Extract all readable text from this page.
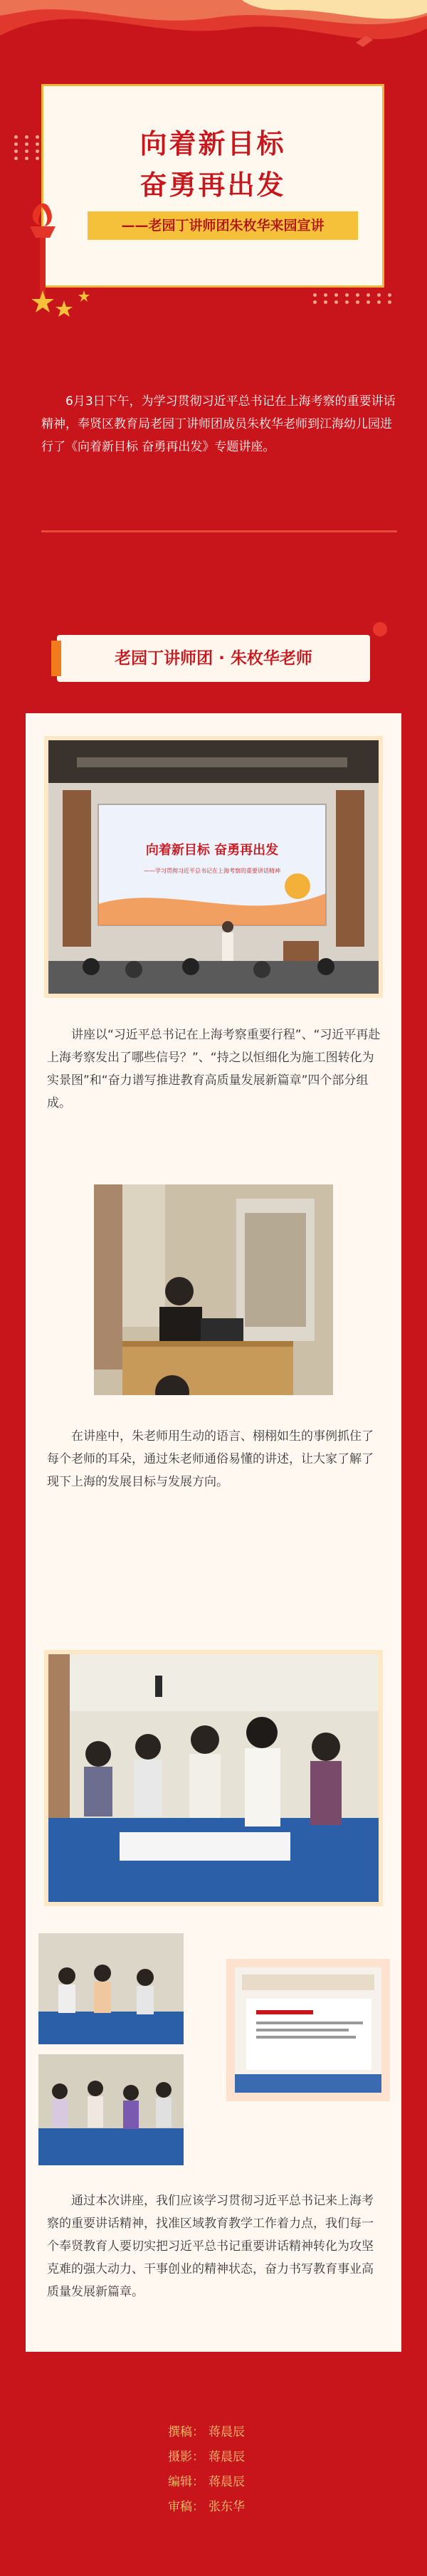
向着新目标
奋勇再出发
——老园丁讲师团朱枚华来园宣讲
6月3日下午，为学习贯彻习近平总书记在上海考察的重要讲话精神，奉贤区教育局老园丁讲师团成员朱枚华老师到江海幼儿园进行了《向着新目标 奋勇再出发》专题讲座。
老园丁讲师团 · 朱枚华老师
向着新目标 奋勇再出发
——学习贯彻习近平总书记在上海考察的重要讲话精神
讲座以“习近平总书记在上海考察重要行程”、“习近平再赴上海考察发出了哪些信号？”、“持之以恒细化为施工图转化为实景图”和“奋力谱写推进教育高质量发展新篇章”四个部分组成。
在讲座中，朱老师用生动的语言、栩栩如生的事例抓住了每个老师的耳朵，通过朱老师通俗易懂的讲述，让大家了解了现下上海的发展目标与发展方向。
通过本次讲座，我们应该学习贯彻习近平总书记来上海考察的重要讲话精神，找准区域教育教学工作着力点，我们每一个奉贤教育人要切实把习近平总书记重要讲话精神转化为攻坚克难的强大动力、干事创业的精神状态，奋力书写教育事业高质量发展新篇章。
撰稿： 蒋晨辰
摄影： 蒋晨辰
编辑： 蒋晨辰
审稿： 张东华
